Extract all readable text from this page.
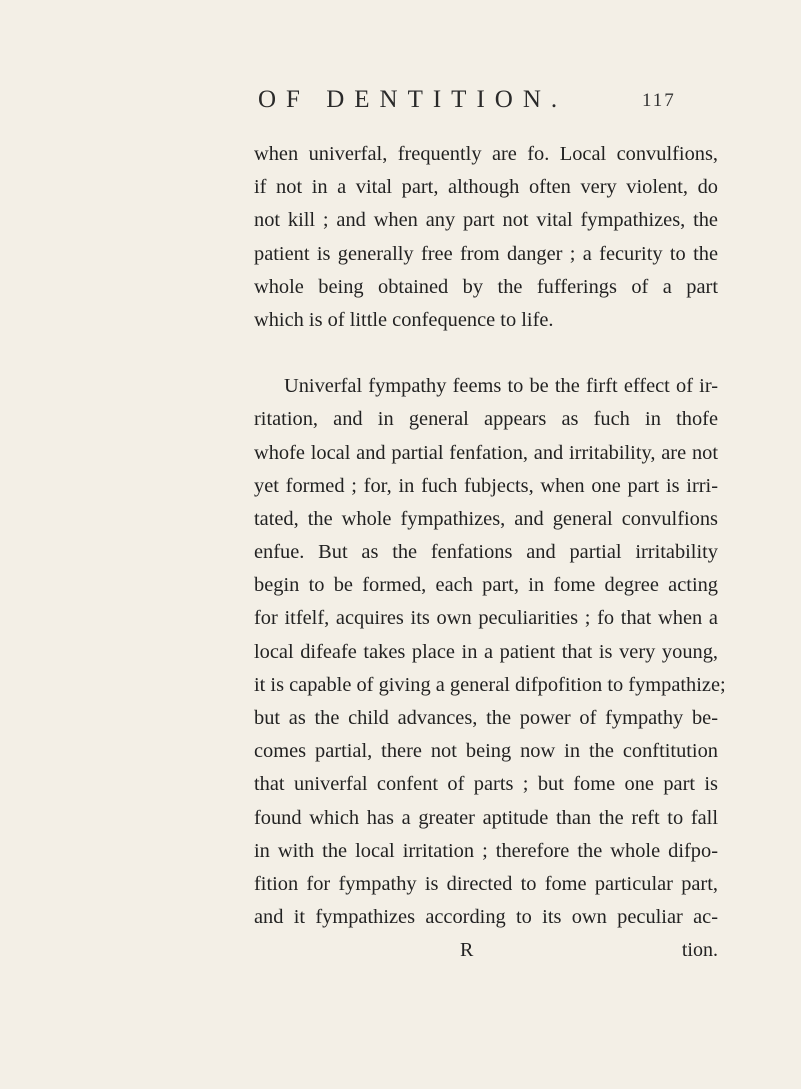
OF DENTITION.	117
when univerfal, frequently are fo. Local convulfions,
if not in a vital part, although often very violent, do
not kill ; and when any part not vital fympathizes, the
patient is generally free from danger ; a fecurity to the
whole being obtained by the fufferings of a part
which is of little confequence to life.
Univerfal fympathy feems to be the firft effect of ir-
ritation, and in general appears as fuch in thofe
whofe local and partial fenfation, and irritability, are not
yet formed ; for, in fuch fubjects, when one part is irri-
tated, the whole fympathizes, and general convulfions
enfue. But as the fenfations and partial irritability
begin to be formed, each part, in fome degree acting
for itfelf, acquires its own peculiarities ; fo that when a
local difeafe takes place in a patient that is very young,
it is capable of giving a general difpofition to fympathize;
but as the child advances, the power of fympathy be-
comes partial, there not being now in the conftitution
that univerfal confent of parts ; but fome one part is
found which has a greater aptitude than the reft to fall
in with the local irritation ; therefore the whole difpo-
fition for fympathy is directed to fome particular part,
and it fympathizes according to its own peculiar ac-
R	tion.
